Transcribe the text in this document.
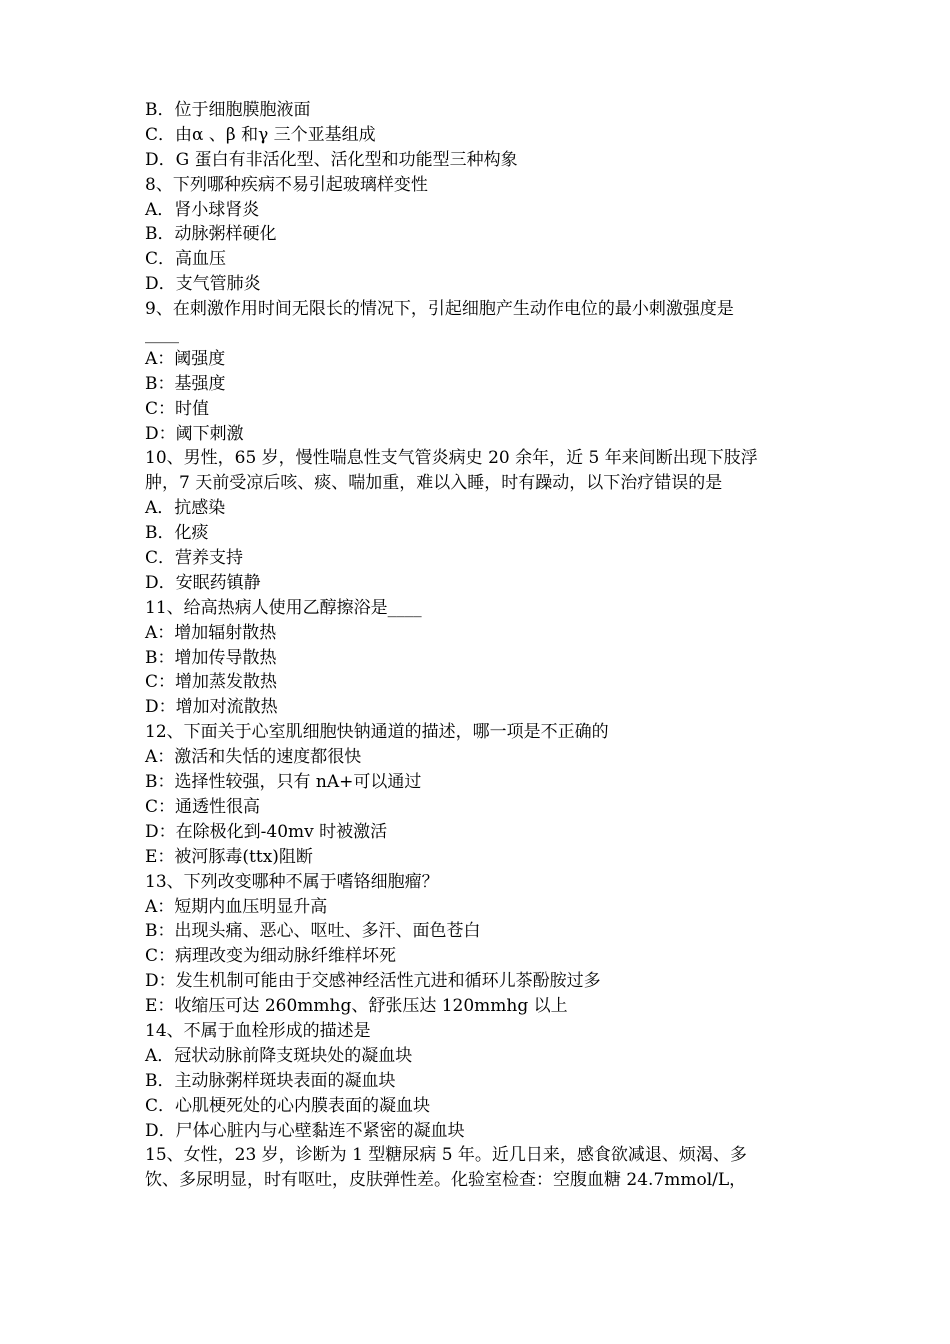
B．位于细胞膜胞液面
C．由α 、β 和γ 三个亚基组成
D．G 蛋白有非活化型、活化型和功能型三种构象
8、下列哪种疾病不易引起玻璃样变性
A．肾小球肾炎
B．动脉粥样硬化
C．高血压
D．支气管肺炎
9、在刺激作用时间无限长的情况下，引起细胞产生动作电位的最小刺激强度是
____
A：阈强度
B：基强度
C：时值
D：阈下刺激
10、男性，65 岁，慢性喘息性支气管炎病史 20 余年，近 5 年来间断出现下肢浮
肿，7 天前受凉后咳、痰、喘加重，难以入睡，时有躁动，以下治疗错误的是
A．抗感染
B．化痰
C．营养支持
D．安眠药镇静
11、给高热病人使用乙醇擦浴是____
A：增加辐射散热
B：增加传导散热
C：增加蒸发散热
D：增加对流散热
12、下面关于心室肌细胞快钠通道的描述，哪一项是不正确的
A：激活和失恬的速度都很快
B：选择性较强，只有 nA+可以通过
C：通透性很高
D：在除极化到-40mv 时被激活
E：被河豚毒(ttx)阻断
13、下列改变哪种不属于嗜铬细胞瘤？
A：短期内血压明显升高
B：出现头痛、恶心、呕吐、多汗、面色苍白
C：病理改变为细动脉纤维样坏死
D：发生机制可能由于交感神经活性亢进和循环儿茶酚胺过多
E：收缩压可达 260mmhg、舒张压达 120mmhg 以上
14、不属于血栓形成的描述是
A．冠状动脉前降支斑块处的凝血块
B．主动脉粥样斑块表面的凝血块
C．心肌梗死处的心内膜表面的凝血块
D．尸体心脏内与心壁黏连不紧密的凝血块
15、女性，23 岁，诊断为 1 型糖尿病 5 年。近几日来，感食欲减退、烦渴、多
饮、多尿明显，时有呕吐，皮肤弹性差。化验室检查：空腹血糖 24.7mmol/L，
